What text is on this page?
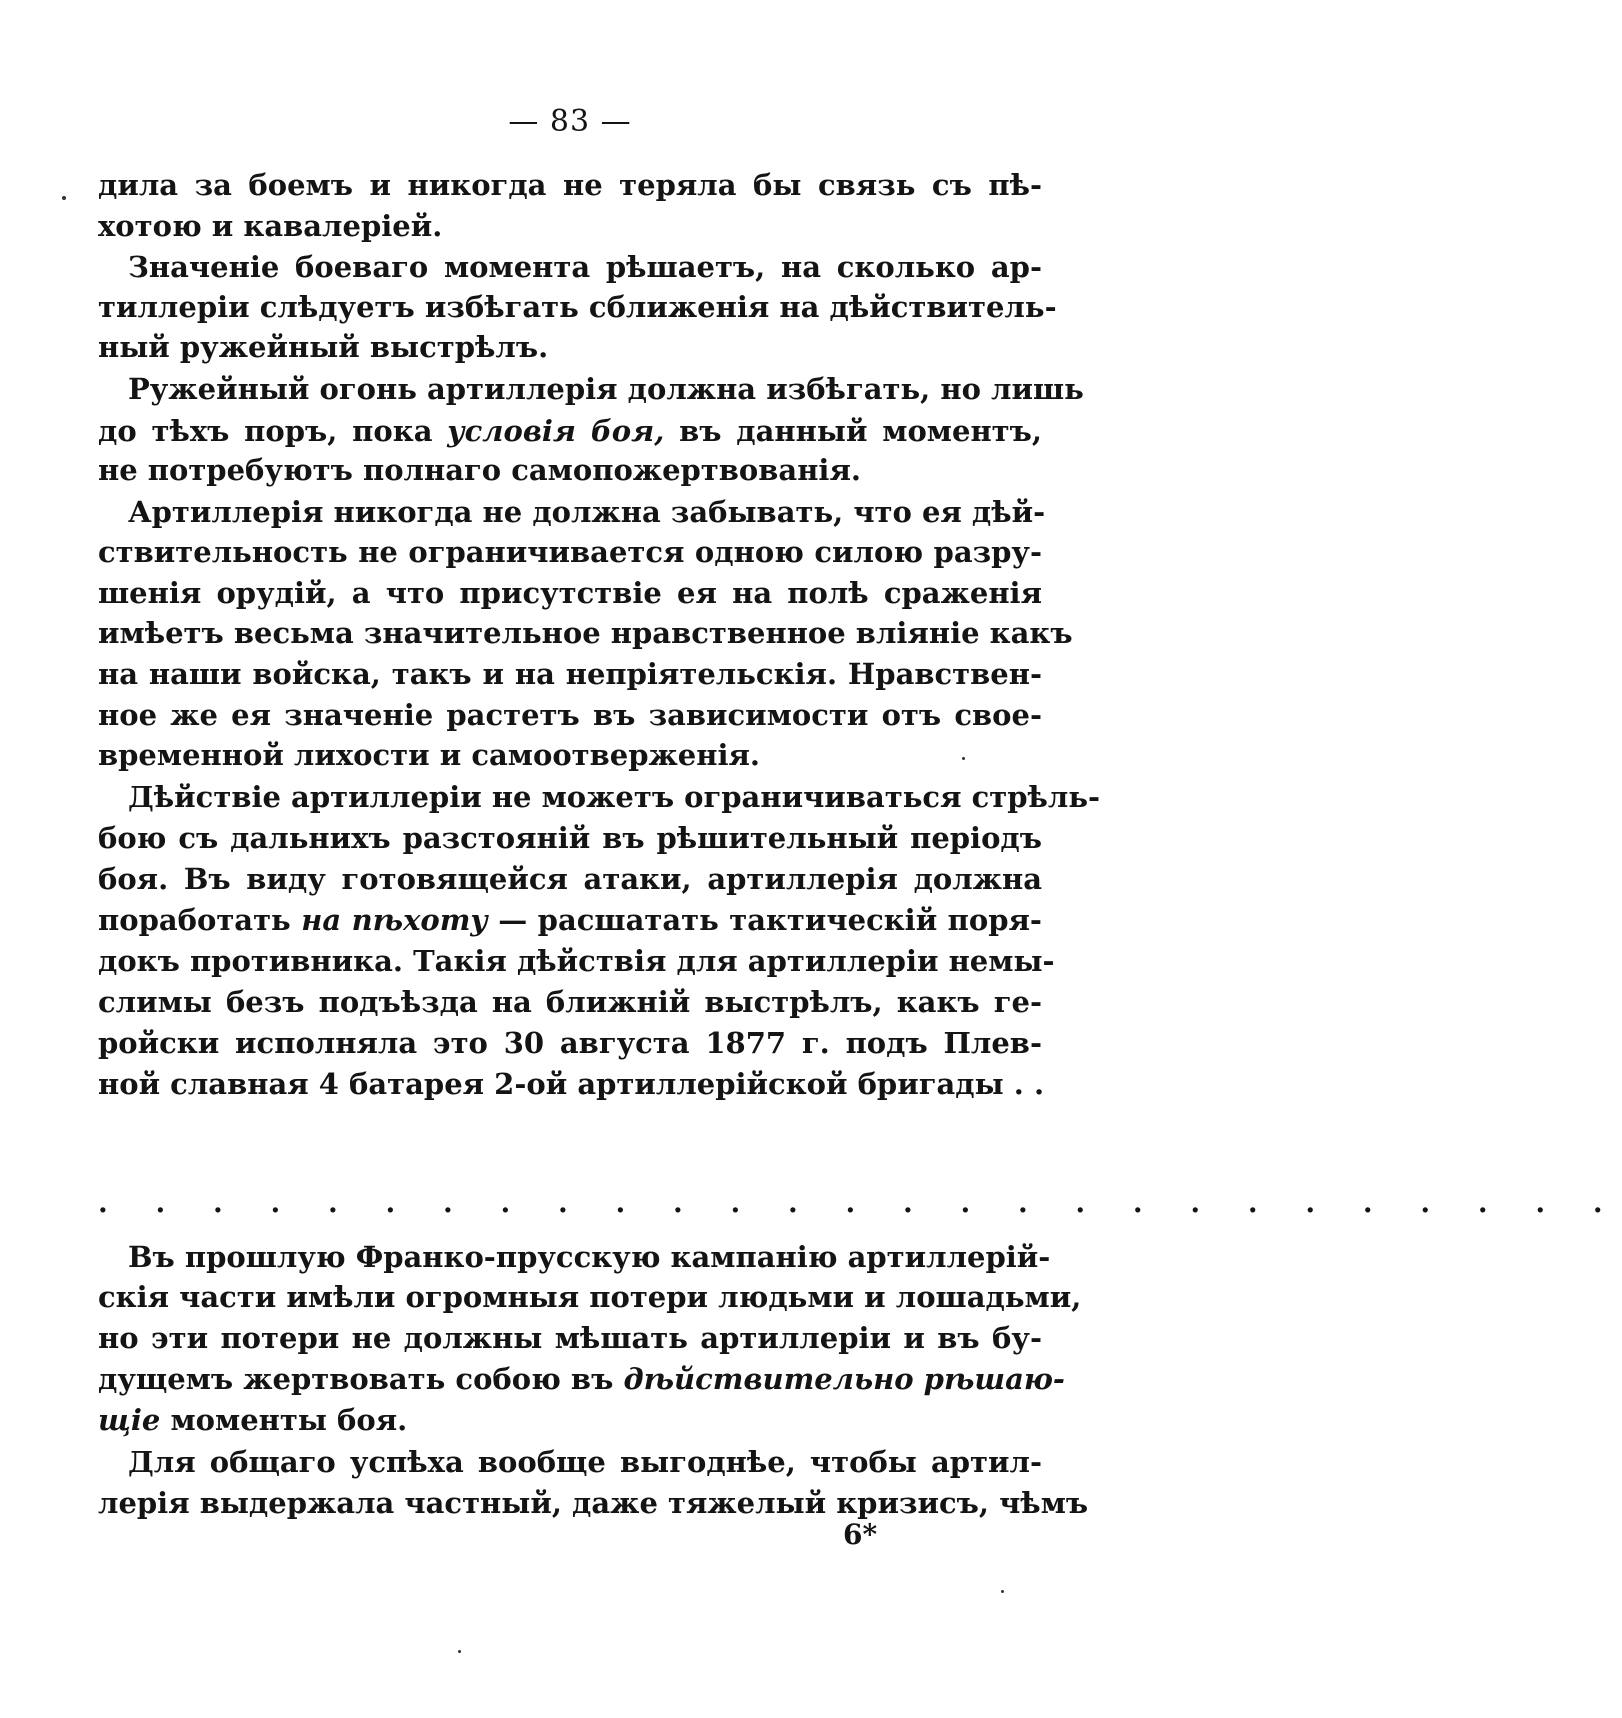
— 83 —
дила за боемъ и никогда не теряла бы связь съ пѣ-
хотою и кавалеріей.
Значеніе боеваго момента рѣшаетъ, на сколько ар-
тиллеріи слѣдуетъ избѣгать сближенія на дѣйствитель-
ный ружейный выстрѣлъ.
Ружейный огонь артиллерія должна избѣгать, но лишь
до тѣхъ поръ, пока условія боя, въ данный моментъ,
не потребуютъ полнаго самопожертвованія.
Артиллерія никогда не должна забывать, что ея дѣй-
ствительность не ограничивается одною силою разру-
шенія орудій, а что присутствіе ея на полѣ сраженія
имѣетъ весьма значительное нравственное вліяніе какъ
на наши войска, такъ и на непріятельскія. Нравствен-
ное же ея значеніе растетъ въ зависимости отъ свое-
временной лихости и самоотверженія.
Дѣйствіе артиллеріи не можетъ ограничиваться стрѣль-
бою съ дальнихъ разстояній въ рѣшительный періодъ
боя. Въ виду готовящейся атаки, артиллерія должна
поработать на пѣхоту — расшатать тактическій поря-
докъ противника. Такія дѣйствія для артиллеріи немы-
слимы безъ подъѣзда на ближній выстрѣлъ, какъ ге-
ройски исполняла это 30 августа 1877 г. подъ Плев-
ной славная 4 батарея 2-ой артиллерійской бригады . .
. . . . . . . . . . . . . . . . . . . . . . . . . . .
Въ прошлую Франко-прусскую кампанію артиллерій-
скія части имѣли огромныя потери людьми и лошадьми,
но эти потери не должны мѣшать артиллеріи и въ бу-
дущемъ жертвовать собою въ дѣйствительно рѣшаю-
щіе моменты боя.
Для общаго успѣха вообще выгоднѣе, чтобы артил-
лерія выдержала частный, даже тяжелый кризисъ, чѣмъ
6*
